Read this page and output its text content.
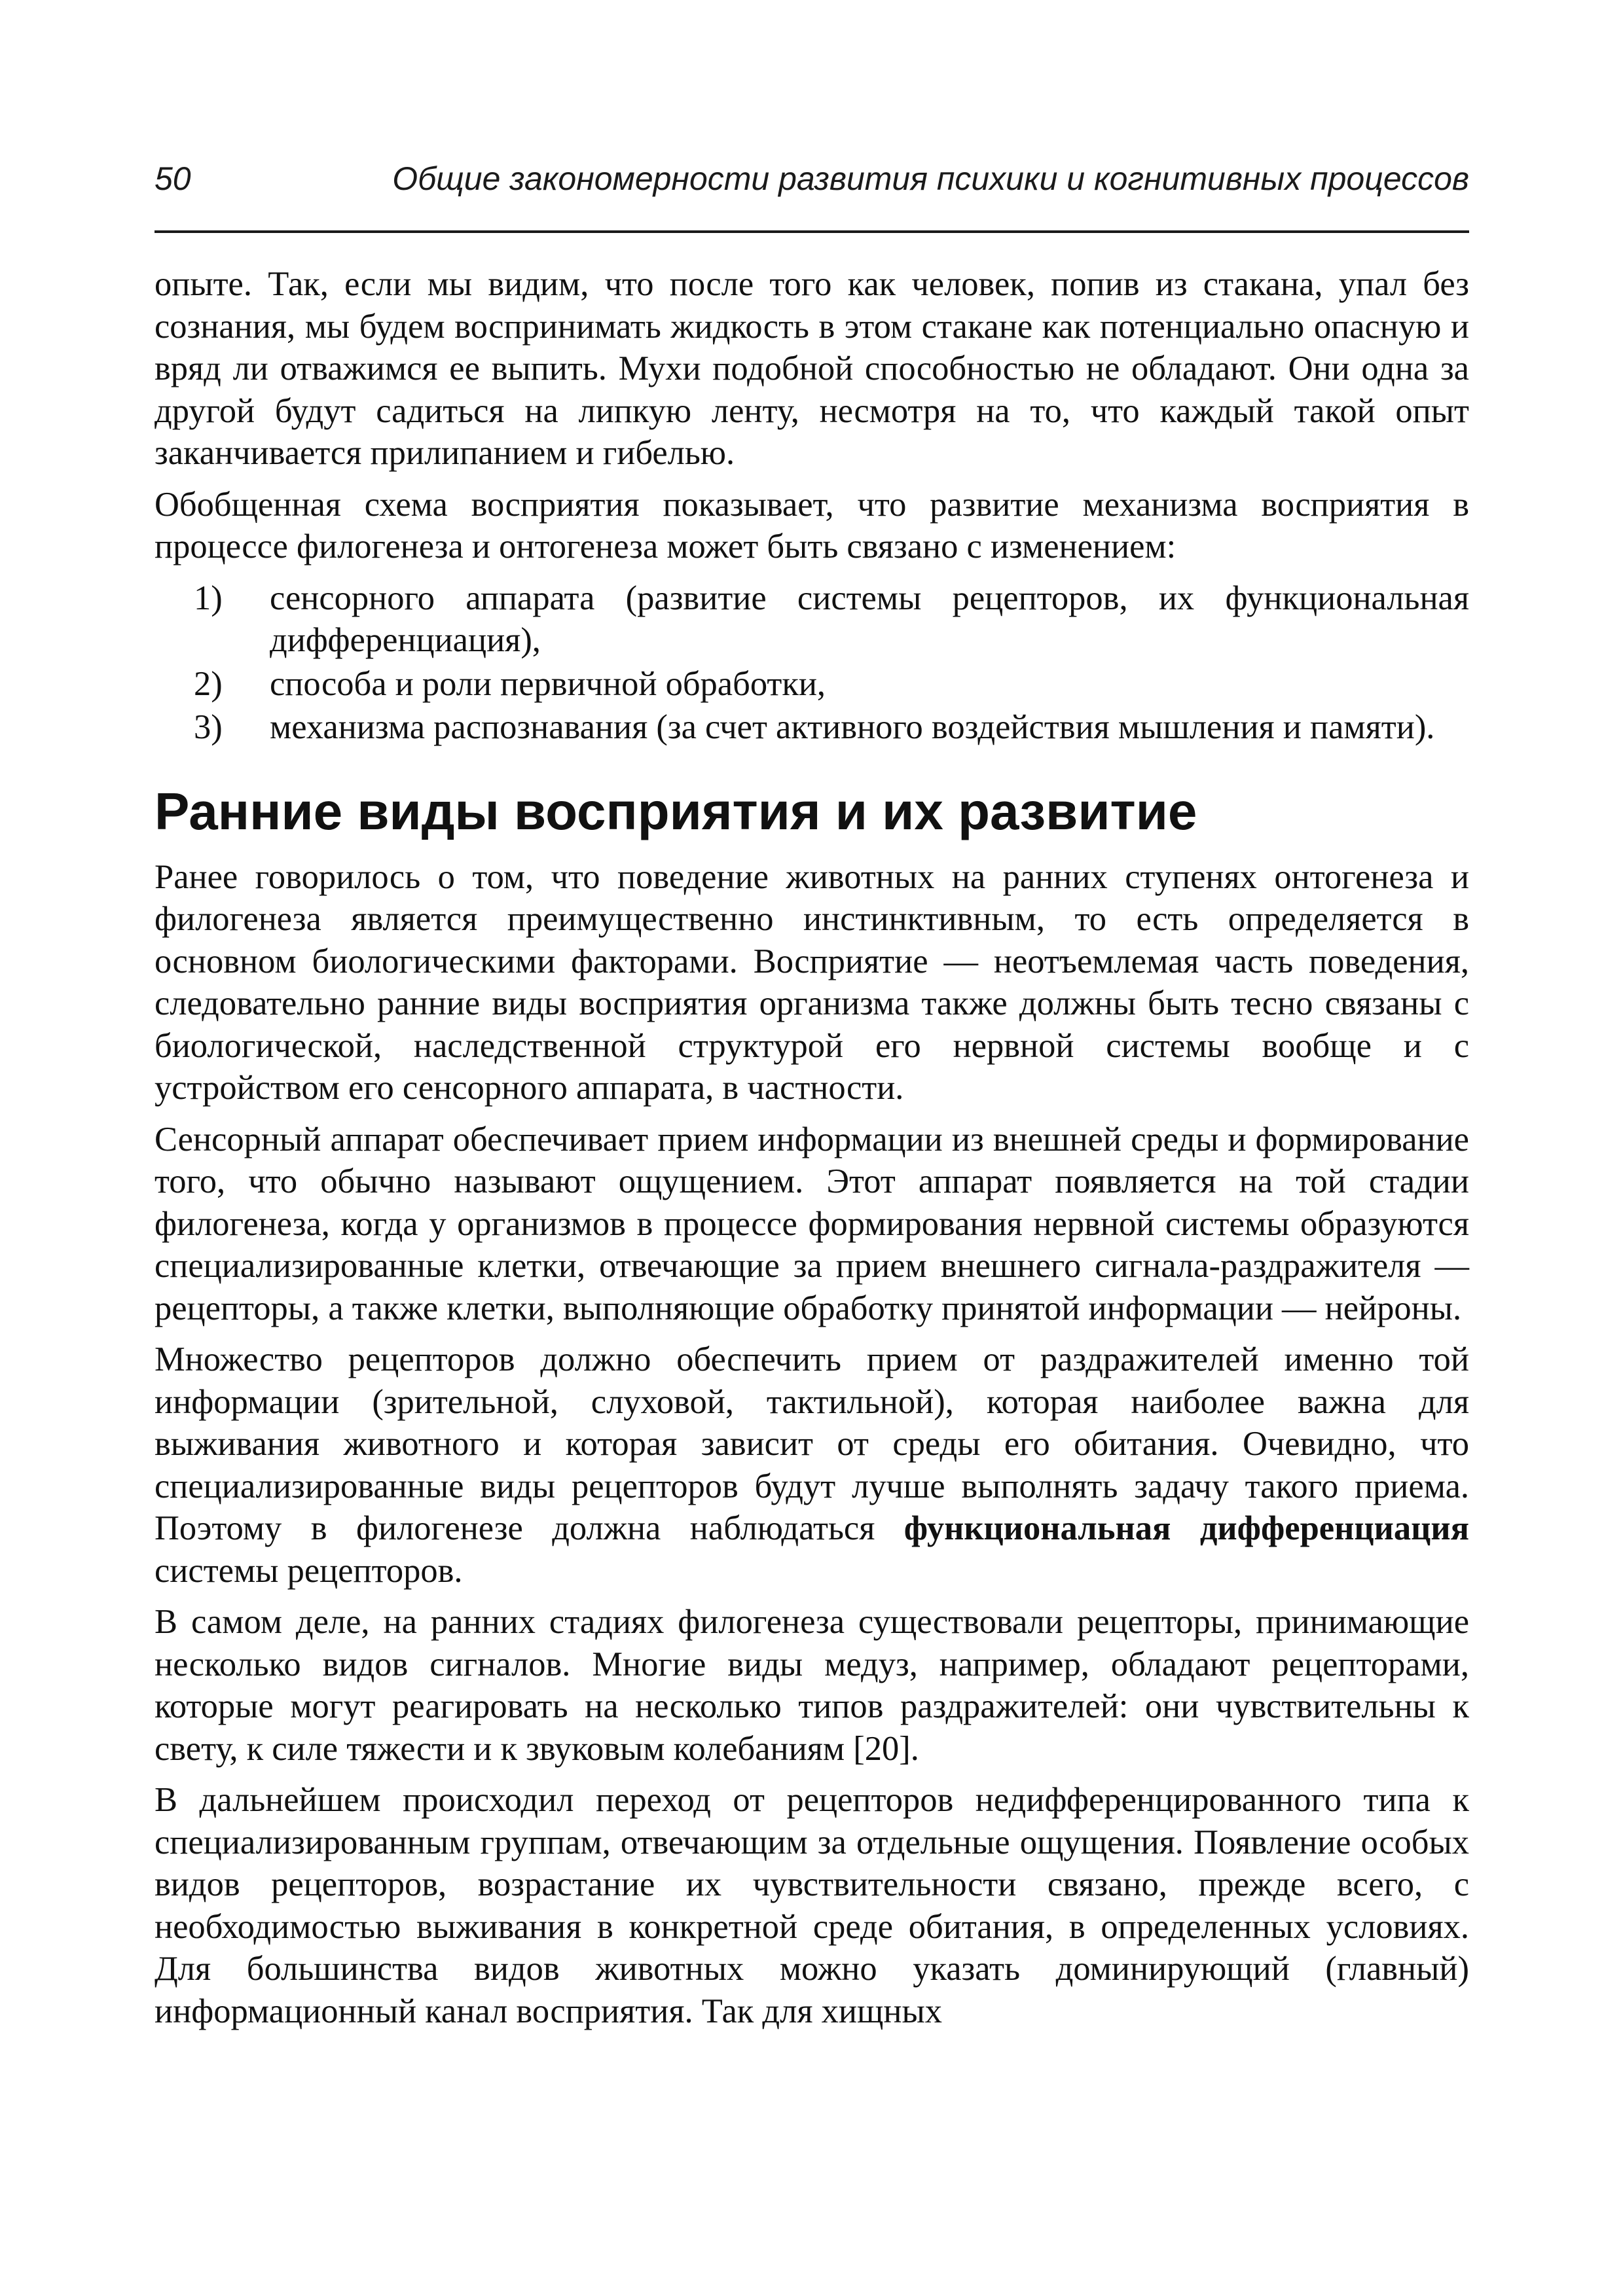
50	Общие закономерности развития психики и когнитивных процессов

опыте. Так, если мы видим, что после того как человек, попив из стакана, упал без сознания, мы будем воспринимать жидкость в этом стакане как потенциально опасную и вряд ли отважимся ее выпить. Мухи подобной способностью не обладают. Они одна за другой будут садиться на липкую ленту, несмотря на то, что каждый такой опыт заканчивается прилипанием и гибелью.

Обобщенная схема восприятия показывает, что развитие механизма восприятия в процессе филогенеза и онтогенеза может быть связано с изменением:

1) сенсорного аппарата (развитие системы рецепторов, их функциональная дифференциация),
2) способа и роли первичной обработки,
3) механизма распознавания (за счет активного воздействия мышления и памяти).
Ранние виды восприятия и их развитие

Ранее говорилось о том, что поведение животных на ранних ступенях онтогенеза и филогенеза является преимущественно инстинктивным, то есть определяется в основном биологическими факторами. Восприятие — неотъемлемая часть поведения, следовательно ранние виды восприятия организма также должны быть тесно связаны с биологической, наследственной структурой его нервной системы вообще и с устройством его сенсорного аппарата, в частности.

Сенсорный аппарат обеспечивает прием информации из внешней среды и формирование того, что обычно называют ощущением. Этот аппарат появляется на той стадии филогенеза, когда у организмов в процессе формирования нервной системы образуются специализированные клетки, отвечающие за прием внешнего сигнала-раздражителя — рецепторы, а также клетки, выполняющие обработку принятой информации — нейроны.

Множество рецепторов должно обеспечить прием от раздражителей именно той информации (зрительной, слуховой, тактильной), которая наиболее важна для выживания животного и которая зависит от среды его обитания. Очевидно, что специализированные виды рецепторов будут лучше выполнять задачу такого приема. Поэтому в филогенезе должна наблюдаться функциональная дифференциация системы рецепторов.

В самом деле, на ранних стадиях филогенеза существовали рецепторы, принимающие несколько видов сигналов. Многие виды медуз, например, обладают рецепторами, которые могут реагировать на несколько типов раздражителей: они чувствительны к свету, к силе тяжести и к звуковым колебаниям [20].

В дальнейшем происходил переход от рецепторов недифференцированного типа к специализированным группам, отвечающим за отдельные ощущения. Появление особых видов рецепторов, возрастание их чувствительности связано, прежде всего, с необходимостью выживания в конкретной среде обитания, в определенных условиях. Для большинства видов животных можно указать доминирующий (главный) информационный канал восприятия. Так для хищных
